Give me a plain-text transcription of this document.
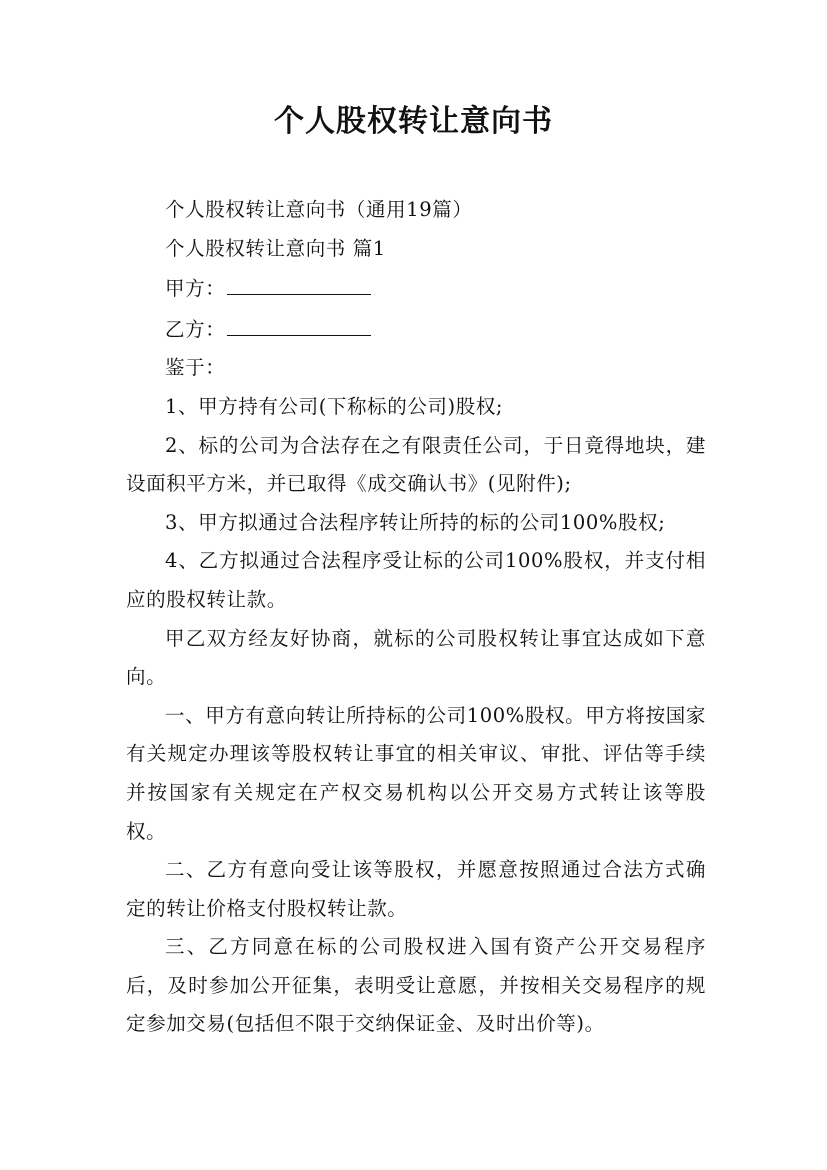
个人股权转让意向书

个人股权转让意向书（通用19篇）

个人股权转让意向书 篇1

甲方：

乙方：

鉴于：

1、甲方持有公司(下称标的公司)股权;

2、标的公司为合法存在之有限责任公司，于日竟得地块，建设面积平方米，并已取得《成交确认书》(见附件);

3、甲方拟通过合法程序转让所持的标的公司100%股权;

4、乙方拟通过合法程序受让标的公司100%股权，并支付相应的股权转让款。

甲乙双方经友好协商，就标的公司股权转让事宜达成如下意向。

一、甲方有意向转让所持标的公司100%股权。甲方将按国家有关规定办理该等股权转让事宜的相关审议、审批、评估等手续并按国家有关规定在产权交易机构以公开交易方式转让该等股权。

二、乙方有意向受让该等股权，并愿意按照通过合法方式确定的转让价格支付股权转让款。

三、乙方同意在标的公司股权进入国有资产公开交易程序后，及时参加公开征集，表明受让意愿，并按相关交易程序的规定参加交易(包括但不限于交纳保证金、及时出价等)。
